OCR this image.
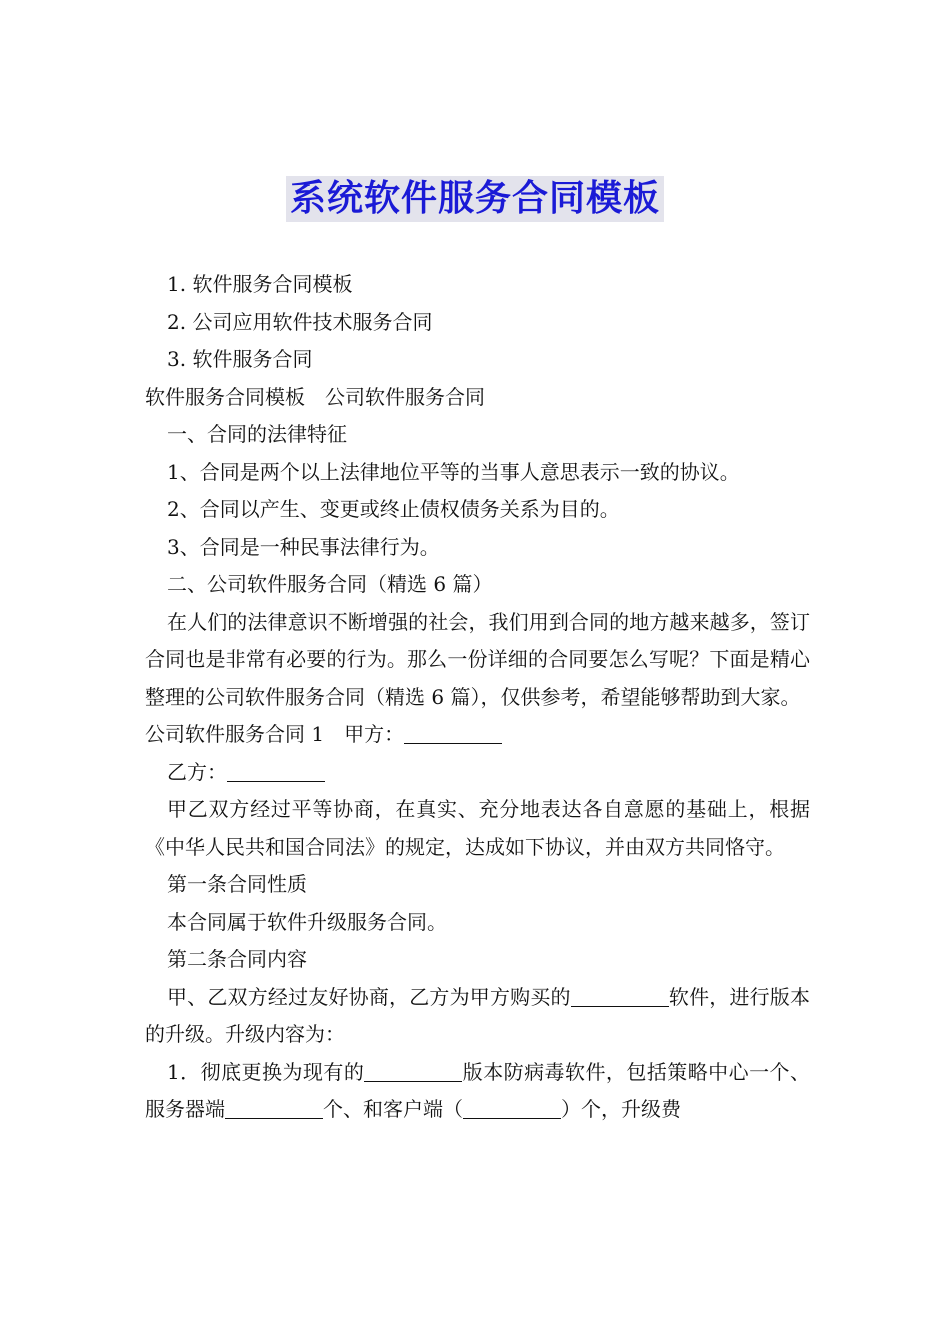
系统软件服务合同模板

1. 软件服务合同模板

2. 公司应用软件技术服务合同

3. 软件服务合同

软件服务合同模板　公司软件服务合同

一、合同的法律特征

1、合同是两个以上法律地位平等的当事人意思表示一致的协议。

2、合同以产生、变更或终止债权债务关系为目的。

3、合同是一种民事法律行为。

二、公司软件服务合同（精选 6 篇）

在人们的法律意识不断增强的社会，我们用到合同的地方越来越多，签订合同也是非常有必要的行为。那么一份详细的合同要怎么写呢？下面是精心整理的公司软件服务合同（精选 6 篇），仅供参考，希望能够帮助到大家。

公司软件服务合同 1　甲方：

乙方：

甲乙双方经过平等协商，在真实、充分地表达各自意愿的基础上，根据《中华人民共和国合同法》的规定，达成如下协议，并由双方共同恪守。

第一条合同性质

本合同属于软件升级服务合同。

第二条合同内容

甲、乙双方经过友好协商，乙方为甲方购买的	软件，进行版本的升级。升级内容为：

1．彻底更换为现有的	版本防病毒软件，包括策略中心一个、服务器端	个、和客户端（	）个，升级费
